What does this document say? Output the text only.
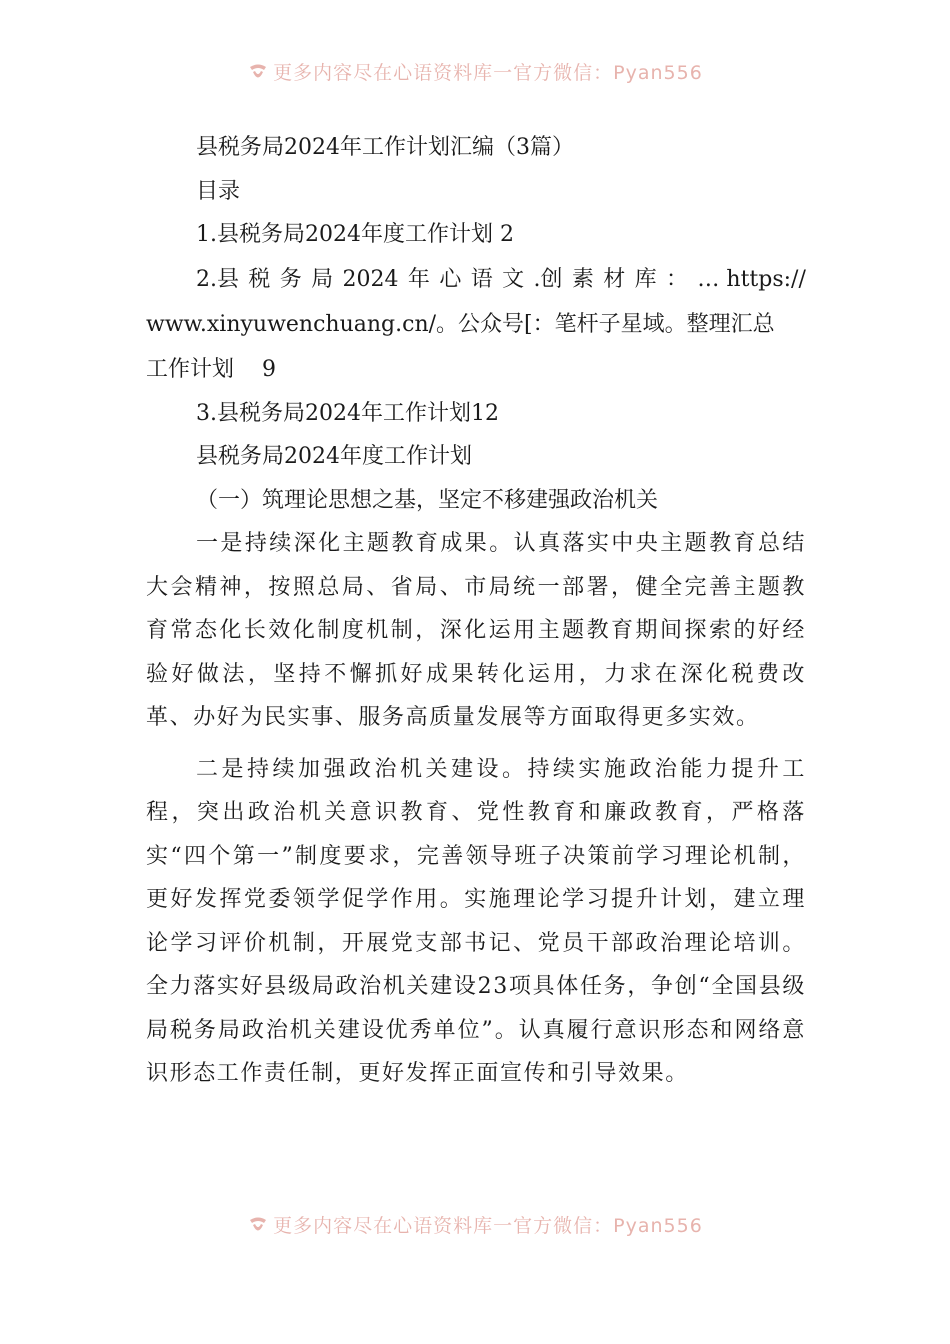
更多内容尽在心语资料库一官方微信：Pyan556

县税务局2024年工作计划汇编（3篇）

目录

1.县税务局2024年度工作计划 2

2.县 税 务 局 2024 年 心 语 文 .创 素 材 库 ： … https://
www.xinyuwenchuang.cn/。公众号[：笔杆子星域。整理汇总
工作计划 9

3.县税务局2024年工作计划12

县税务局2024年度工作计划

（一）筑理论思想之基，坚定不移建强政治机关

一是持续深化主题教育成果。认真落实中央主题教育总结大会精神，按照总局、省局、市局统一部署，健全完善主题教育常态化长效化制度机制，深化运用主题教育期间探索的好经验好做法，坚持不懈抓好成果转化运用，力求在深化税费改革、办好为民实事、服务高质量发展等方面取得更多实效。

二是持续加强政治机关建设。持续实施政治能力提升工程，突出政治机关意识教育、党性教育和廉政教育，严格落实“四个第一”制度要求，完善领导班子决策前学习理论机制，更好发挥党委领学促学作用。实施理论学习提升计划，建立理论学习评价机制，开展党支部书记、党员干部政治理论培训。全力落实好县级局政治机关建设23项具体任务，争创“全国县级局税务局政治机关建设优秀单位”。认真履行意识形态和网络意识形态工作责任制，更好发挥正面宣传和引导效果。

更多内容尽在心语资料库一官方微信：Pyan556
